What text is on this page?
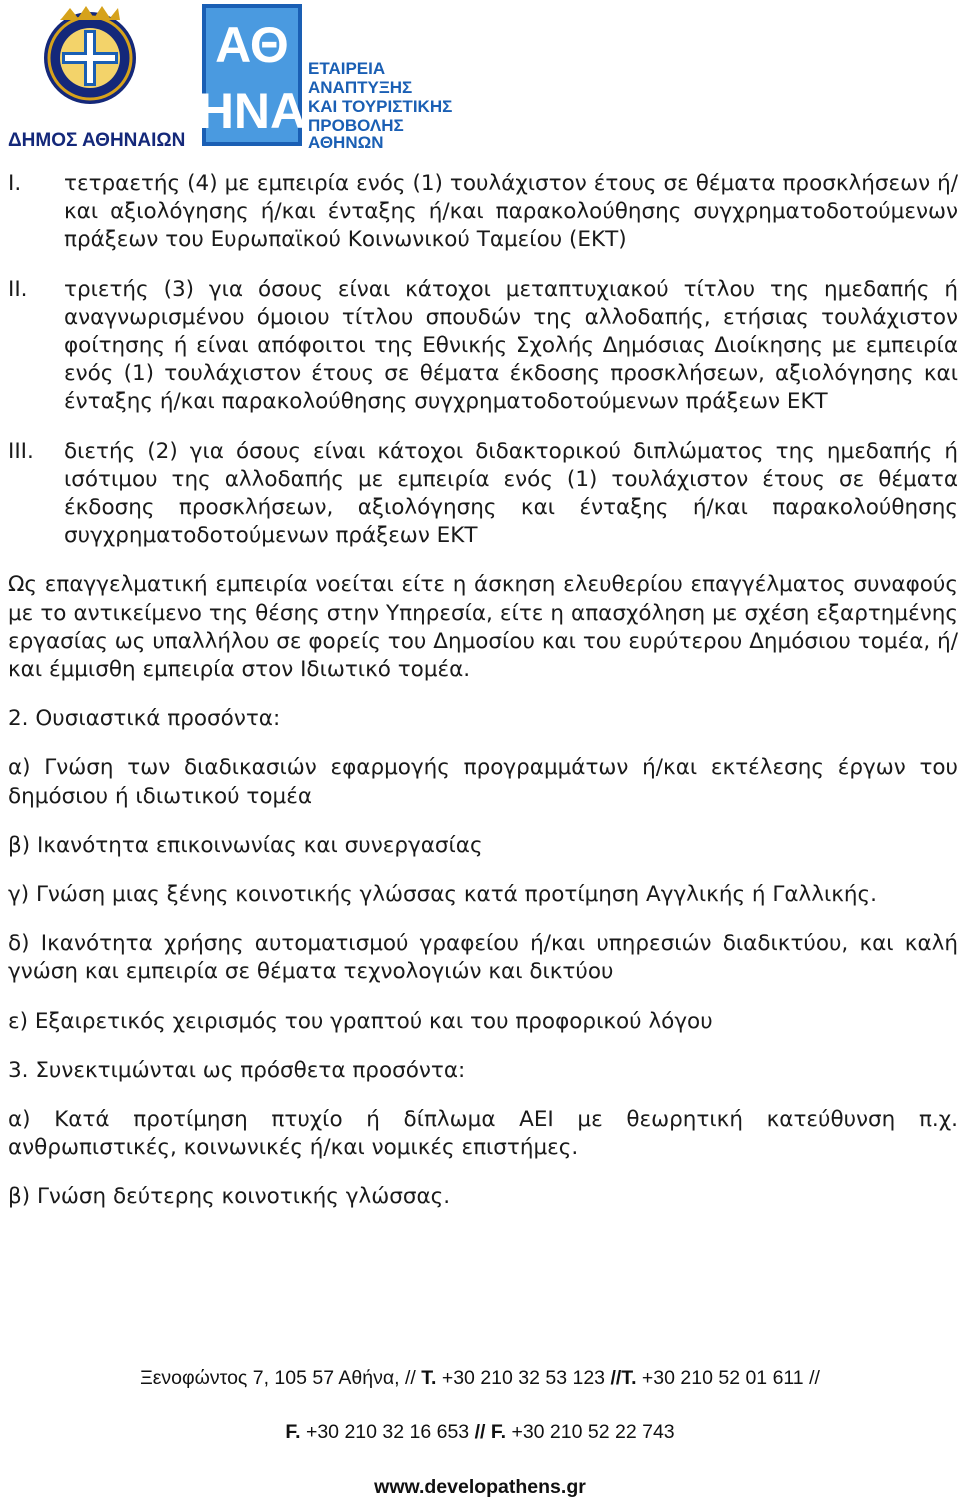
ΔΗΜΟΣ ΑΘΗΝΑΙΩΝ
ΑΘ
ΗΝΑ
ΕΤΑΙΡΕΙΑ
ΑΝΑΠΤΥΞΗΣ
ΚΑΙ ΤΟΥΡΙΣΤΙΚΗΣ
ΠΡΟΒΟΛΗΣ
ΑΘΗΝΩΝ
I.	τετραετής (4) με εμπειρία ενός (1) τουλάχιστον έτους σε θέματα προσκλήσεων ή/και αξιολόγησης ή/και ένταξης ή/και παρακολούθησης συγχρηματοδοτούμενων πράξεων του Ευρωπαϊκού Κοινωνικού Ταμείου (ΕΚΤ)
II.	τριετής (3) για όσους είναι κάτοχοι μεταπτυχιακού τίτλου της ημεδαπής ή αναγνωρισμένου όμοιου τίτλου σπουδών της αλλοδαπής, ετήσιας τουλάχιστον φοίτησης ή είναι απόφοιτοι της Εθνικής Σχολής Δημόσιας Διοίκησης με εμπειρία ενός (1) τουλάχιστον έτους σε θέματα έκδοσης προσκλήσεων, αξιολόγησης και ένταξης ή/και παρακολούθησης συγχρηματοδοτούμενων πράξεων ΕΚΤ
III.	διετής (2) για όσους είναι κάτοχοι διδακτορικού διπλώματος της ημεδαπής ή ισότιμου της αλλοδαπής με εμπειρία ενός (1) τουλάχιστον έτους σε θέματα έκδοσης προσκλήσεων, αξιολόγησης και ένταξης ή/και παρακολούθησης συγχρηματοδοτούμενων πράξεων ΕΚΤ

Ως επαγγελματική εμπειρία νοείται είτε η άσκηση ελευθερίου επαγγέλματος συναφούς με το αντικείμενο της θέσης στην Υπηρεσία, είτε η απασχόληση με σχέση εξαρτημένης εργασίας ως υπαλλήλου σε φορείς του Δημοσίου και του ευρύτερου Δημόσιου τομέα, ή/και έμμισθη εμπειρία στον Ιδιωτικό τομέα.

2. Ουσιαστικά προσόντα:

α) Γνώση των διαδικασιών εφαρμογής προγραμμάτων ή/και εκτέλεσης έργων του δημόσιου ή ιδιωτικού τομέα

β) Ικανότητα επικοινωνίας και συνεργασίας

γ) Γνώση μιας ξένης κοινοτικής γλώσσας κατά προτίμηση Αγγλικής ή Γαλλικής.

δ) Ικανότητα χρήσης αυτοματισμού γραφείου ή/και υπηρεσιών διαδικτύου, και καλή γνώση και εμπειρία σε θέματα τεχνολογιών και δικτύου

ε) Εξαιρετικός χειρισμός του γραπτού και του προφορικού λόγου

3. Συνεκτιμώνται ως πρόσθετα προσόντα:

α) Κατά προτίμηση πτυχίο ή δίπλωμα ΑΕΙ με θεωρητική κατεύθυνση π.χ. ανθρωπιστικές, κοινωνικές ή/και νομικές επιστήμες.

β) Γνώση δεύτερης κοινοτικής γλώσσας.

Ξενοφώντος 7, 105 57 Αθήνα, // Τ. +30 210 32 53 123 //Τ. +30 210 52 01 611 //
F. +30 210 32 16 653 // F. +30 210 52 22 743
www.developathens.gr
